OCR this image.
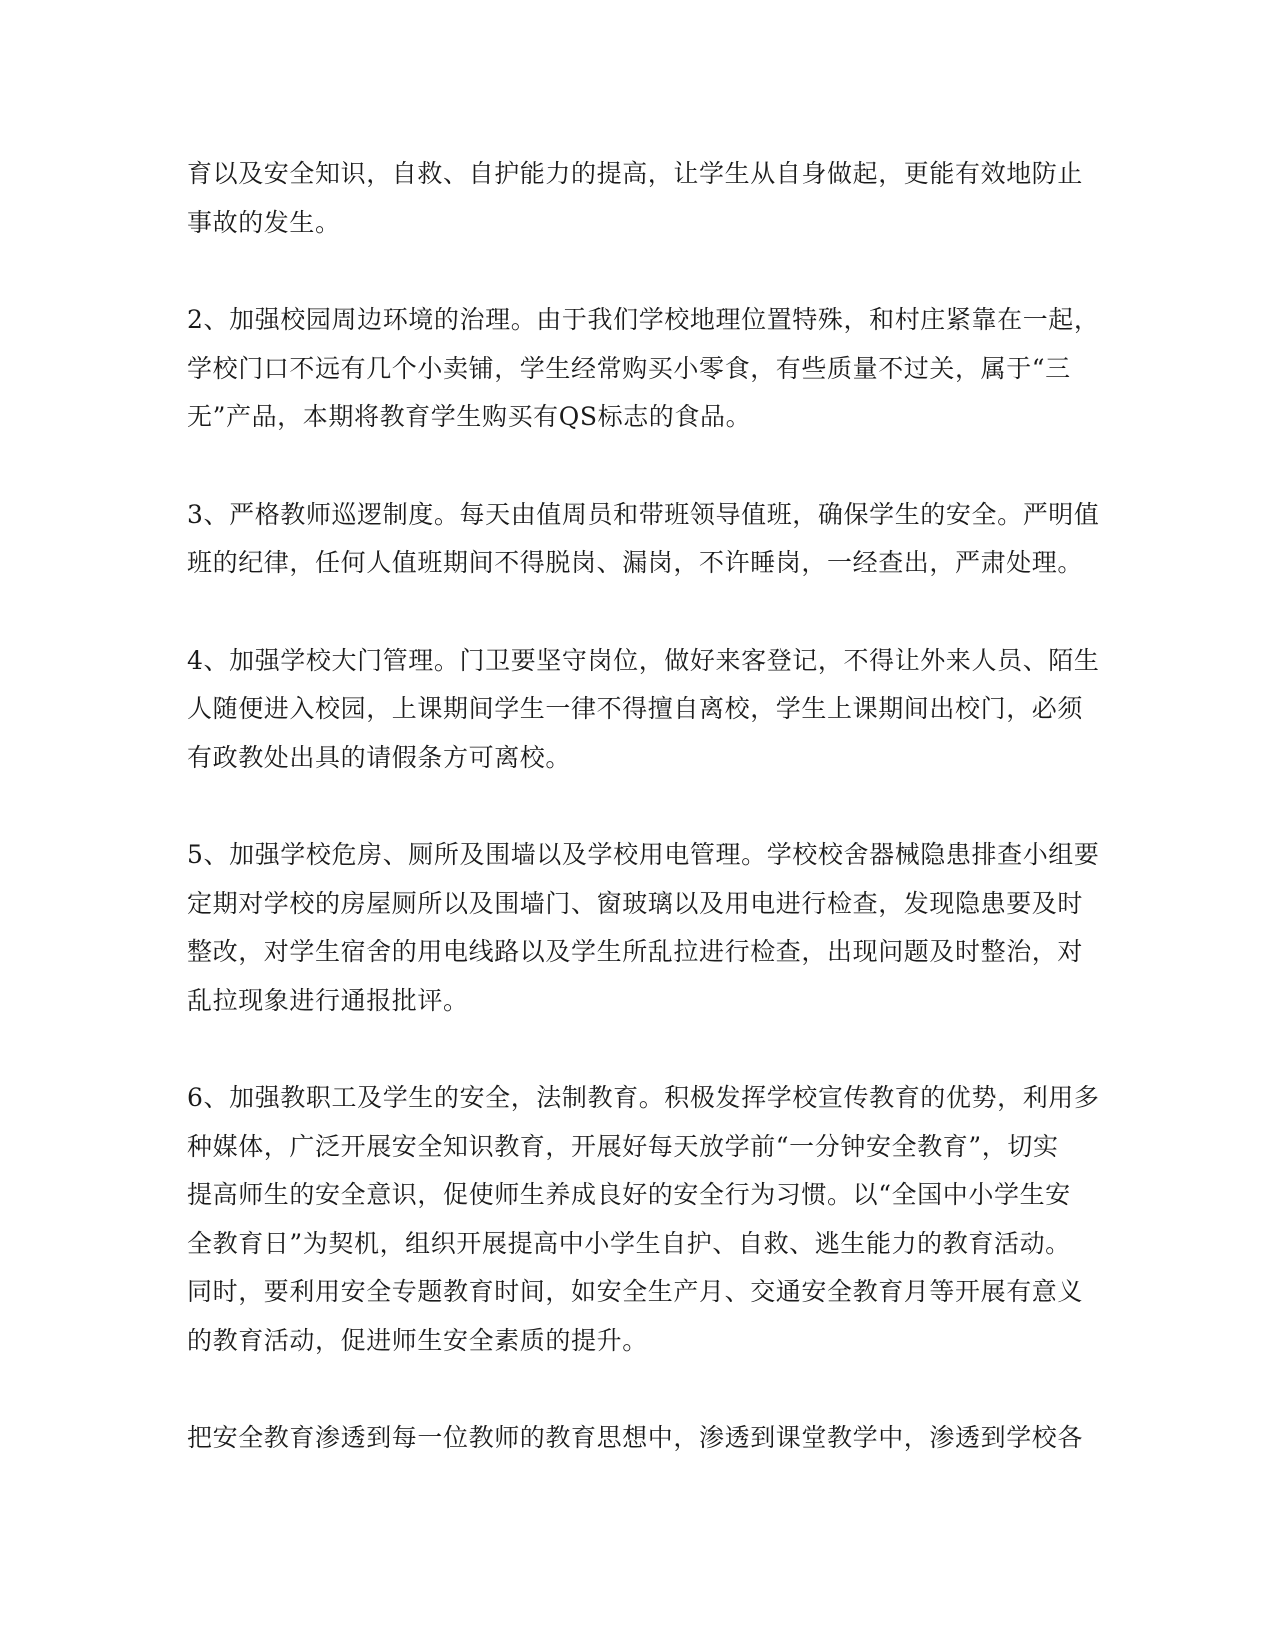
育以及安全知识，自救、自护能力的提高，让学生从自身做起，更能有效地防止
事故的发生。

2、加强校园周边环境的治理。由于我们学校地理位置特殊，和村庄紧靠在一起，
学校门口不远有几个小卖铺，学生经常购买小零食，有些质量不过关，属于“三
无”产品，本期将教育学生购买有QS标志的食品。

3、严格教师巡逻制度。每天由值周员和带班领导值班，确保学生的安全。严明值
班的纪律，任何人值班期间不得脱岗、漏岗，不许睡岗，一经查出，严肃处理。

4、加强学校大门管理。门卫要坚守岗位，做好来客登记，不得让外来人员、陌生
人随便进入校园，上课期间学生一律不得擅自离校，学生上课期间出校门，必须
有政教处出具的请假条方可离校。

5、加强学校危房、厕所及围墙以及学校用电管理。学校校舍器械隐患排查小组要
定期对学校的房屋厕所以及围墙门、窗玻璃以及用电进行检查，发现隐患要及时
整改，对学生宿舍的用电线路以及学生所乱拉进行检查，出现问题及时整治，对
乱拉现象进行通报批评。

6、加强教职工及学生的安全，法制教育。积极发挥学校宣传教育的优势，利用多
种媒体，广泛开展安全知识教育，开展好每天放学前“一分钟安全教育”，切实
提高师生的安全意识，促使师生养成良好的安全行为习惯。以“全国中小学生安
全教育日”为契机，组织开展提高中小学生自护、自救、逃生能力的教育活动。
同时，要利用安全专题教育时间，如安全生产月、交通安全教育月等开展有意义
的教育活动，促进师生安全素质的提升。

把安全教育渗透到每一位教师的教育思想中，渗透到课堂教学中，渗透到学校各
